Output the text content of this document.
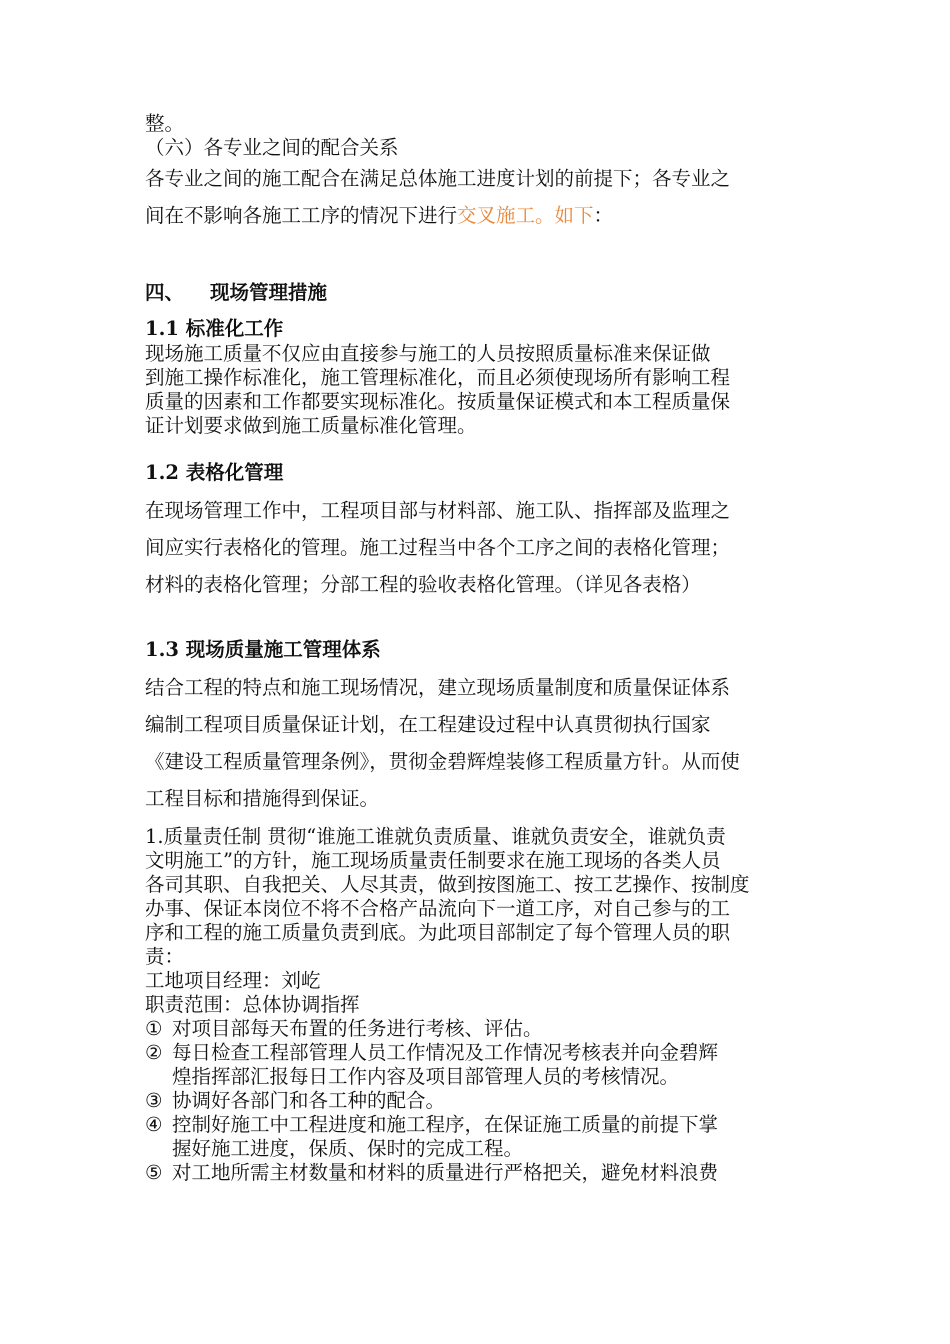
整。

（六）各专业之间的配合关系

各专业之间的施工配合在满足总体施工进度计划的前提下；各专业之

间在不影响各施工工序的情况下进行交叉施工。如下：

四、 现场管理措施

1.1 标准化工作

现场施工质量不仅应由直接参与施工的人员按照质量标准来保证做

到施工操作标准化，施工管理标准化，而且必须使现场所有影响工程

质量的因素和工作都要实现标准化。按质量保证模式和本工程质量保

证计划要求做到施工质量标准化管理。

1.2 表格化管理

在现场管理工作中，工程项目部与材料部、施工队、指挥部及监理之

间应实行表格化的管理。施工过程当中各个工序之间的表格化管理；

材料的表格化管理；分部工程的验收表格化管理。（详见各表格）

1.3 现场质量施工管理体系

结合工程的特点和施工现场情况，建立现场质量制度和质量保证体系

编制工程项目质量保证计划，在工程建设过程中认真贯彻执行国家

《建设工程质量管理条例》，贯彻金碧辉煌装修工程质量方针。从而使

工程目标和措施得到保证。

1.质量责任制 贯彻“谁施工谁就负责质量、谁就负责安全，谁就负责

文明施工”的方针，施工现场质量责任制要求在施工现场的各类人员

各司其职、自我把关、人尽其责，做到按图施工、按工艺操作、按制度

办事、保证本岗位不将不合格产品流向下一道工序，对自己参与的工

序和工程的施工质量负责到底。为此项目部制定了每个管理人员的职

责：

工地项目经理：刘屹

职责范围：总体协调指挥

① 对项目部每天布置的任务进行考核、评估。
② 每日检查工程部管理人员工作情况及工作情况考核表并向金碧辉
煌指挥部汇报每日工作内容及项目部管理人员的考核情况。
③ 协调好各部门和各工种的配合。
④ 控制好施工中工程进度和施工程序，在保证施工质量的前提下掌
握好施工进度，保质、保时的完成工程。
⑤ 对工地所需主材数量和材料的质量进行严格把关，避免材料浪费
